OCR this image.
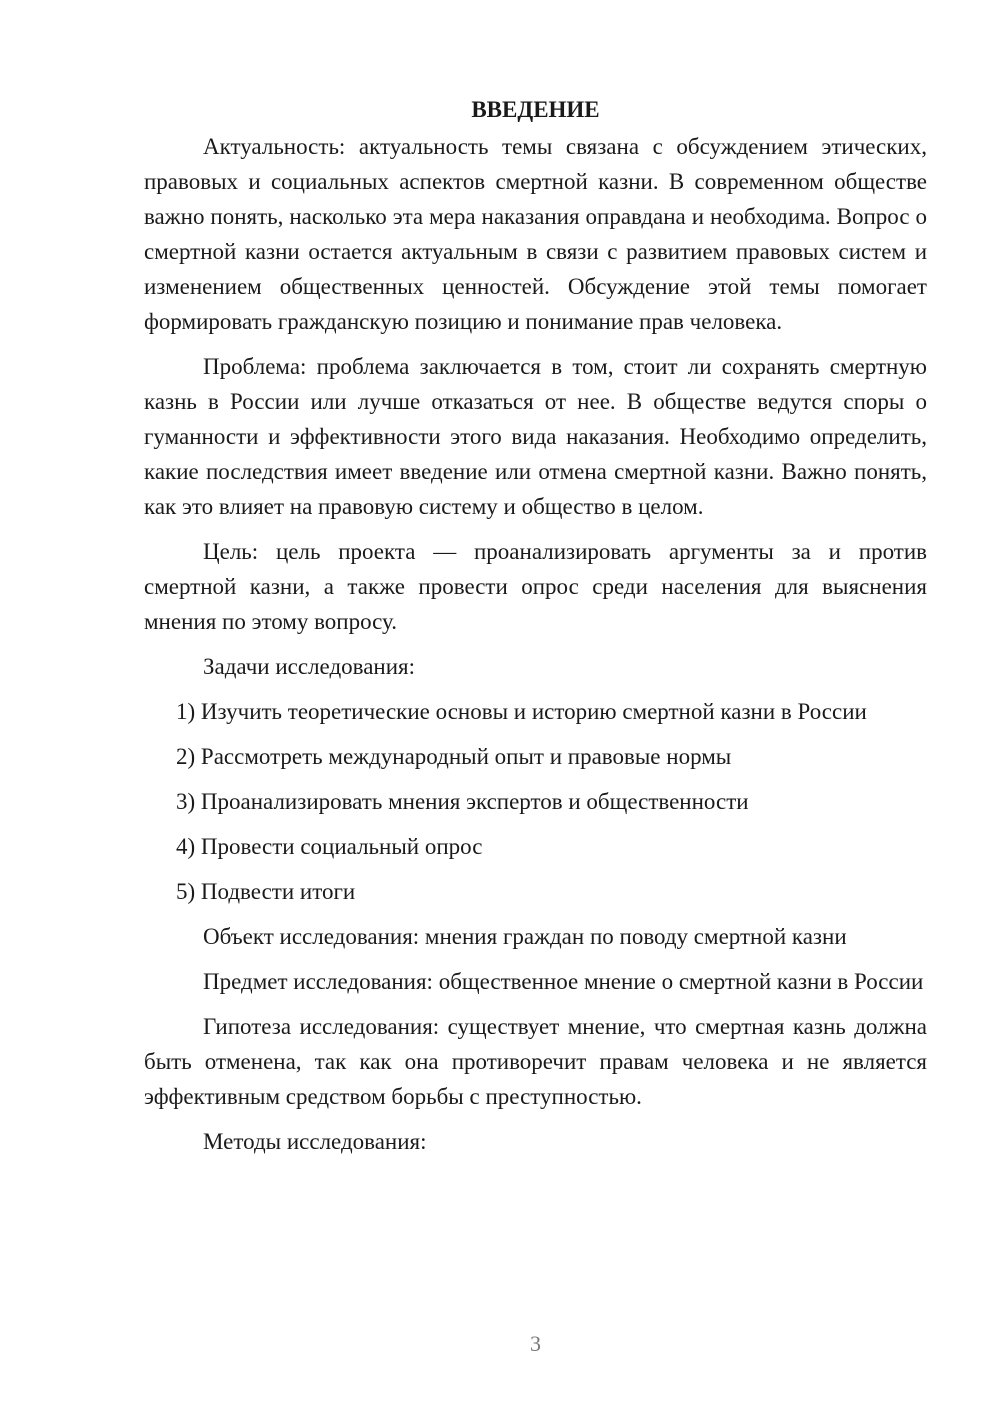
ВВЕДЕНИЕ

Актуальность: актуальность темы связана с обсуждением этических, правовых и социальных аспектов смертной казни. В современном обществе важно понять, насколько эта мера наказания оправдана и необходима. Вопрос о смертной казни остается актуальным в связи с развитием правовых систем и изменением общественных ценностей. Обсуждение этой темы помогает формировать гражданскую позицию и понимание прав человека.

Проблема: проблема заключается в том, стоит ли сохранять смертную казнь в России или лучше отказаться от нее. В обществе ведутся споры о гуманности и эффективности этого вида наказания. Необходимо определить, какие последствия имеет введение или отмена смертной казни. Важно понять, как это влияет на правовую систему и общество в целом.

Цель: цель проекта — проанализировать аргументы за и против смертной казни, а также провести опрос среди населения для выяснения мнения по этому вопросу.

Задачи исследования:

1) Изучить теоретические основы и историю смертной казни в России
2) Рассмотреть международный опыт и правовые нормы
3) Проанализировать мнения экспертов и общественности
4) Провести социальный опрос
5) Подвести итоги

Объект исследования: мнения граждан по поводу смертной казни

Предмет исследования: общественное мнение о смертной казни в России

Гипотеза исследования: существует мнение, что смертная казнь должна быть отменена, так как она противоречит правам человека и не является эффективным средством борьбы с преступностью.

Методы исследования:

3
